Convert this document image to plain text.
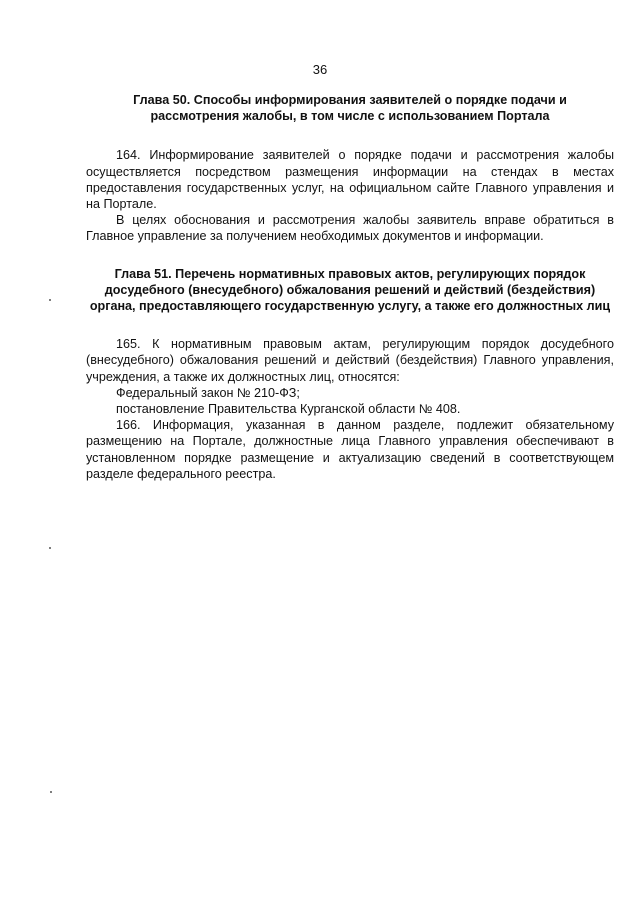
36
Глава 50. Способы информирования заявителей о порядке подачи и
рассмотрения жалобы, в том числе с использованием Портала

164. Информирование заявителей о порядке подачи и рассмотрения жалобы осуществляется посредством размещения информации на стендах в местах предоставления государственных услуг, на официальном сайте Главного управления и на Портале.

В целях обоснования и рассмотрения жалобы заявитель вправе обратиться в Главное управление за получением необходимых документов и информации.

Глава 51. Перечень нормативных правовых актов, регулирующих порядок
досудебного (внесудебного) обжалования решений и действий (бездействия)
органа, предоставляющего государственную услугу, а также его должностных лиц

165. К нормативным правовым актам, регулирующим порядок досудебного (внесудебного) обжалования решений и действий (бездействия) Главного управления, учреждения, а также их должностных лиц, относятся:

Федеральный закон № 210-ФЗ;

постановление Правительства Курганской области № 408.

166. Информация, указанная в данном разделе, подлежит обязательному размещению на Портале, должностные лица Главного управления обеспечивают в установленном порядке размещение и актуализацию сведений в соответствующем разделе федерального реестра.
